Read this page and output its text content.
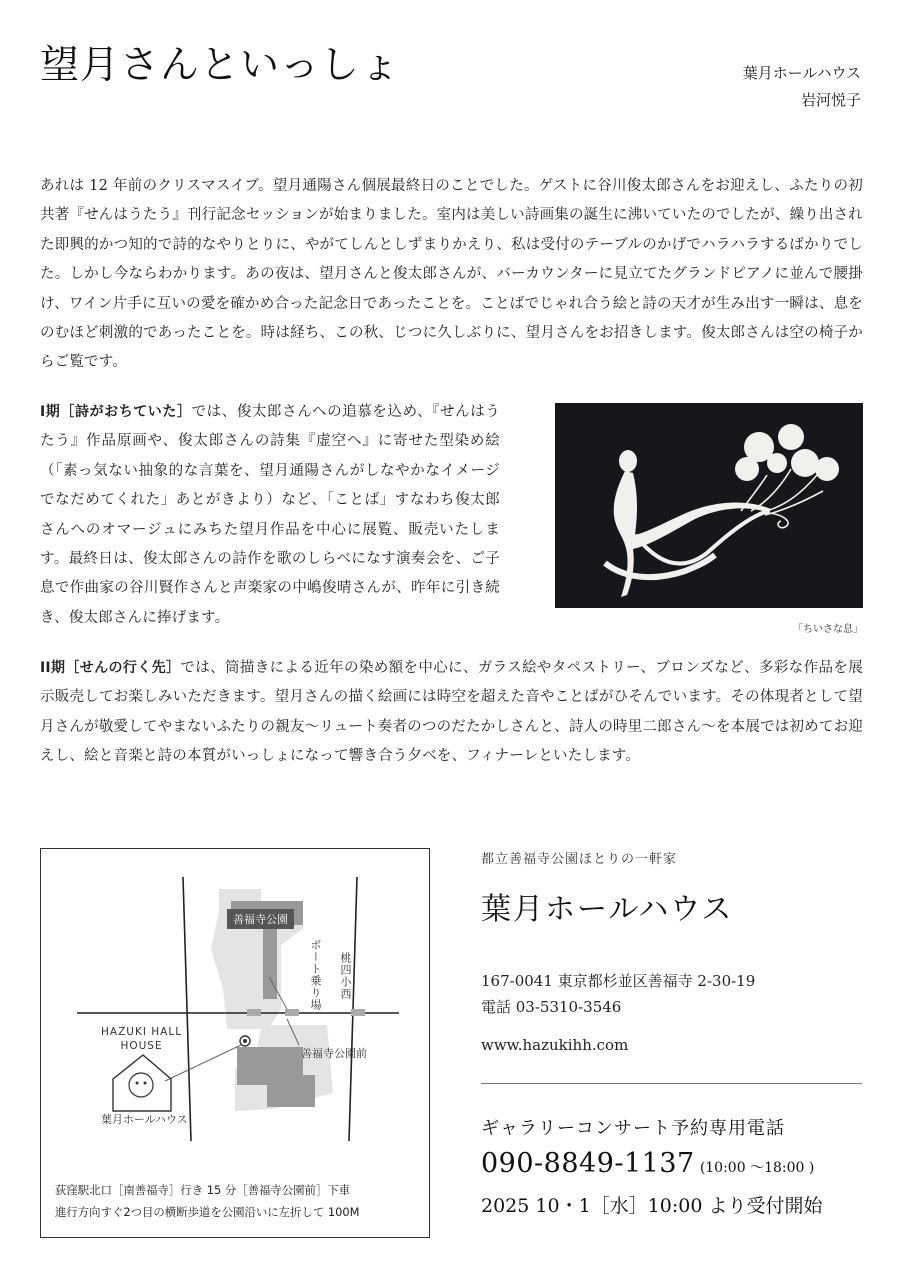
望月さんといっしょ	葉月ホールハウス
岩河悦子
あれは 12 年前のクリスマスイブ。望月通陽さん個展最終日のことでした。ゲストに谷川俊太郎さんをお迎えし、ふたりの初共著『せんはうたう』刊行記念セッションが始まりました。室内は美しい詩画集の誕生に沸いていたのでしたが、繰り出された即興的かつ知的で詩的なやりとりに、やがてしんとしずまりかえり、私は受付のテーブルのかげでハラハラするばかりでした。しかし今ならわかります。あの夜は、望月さんと俊太郎さんが、バーカウンターに見立てたグランドピアノに並んで腰掛け、ワイン片手に互いの愛を確かめ合った記念日であったことを。ことばでじゃれ合う絵と詩の天才が生み出す一瞬は、息をのむほど刺激的であったことを。時は経ち、この秋、じつに久しぶりに、望月さんをお招きします。俊太郎さんは空の椅子からご覧です。
I期［詩がおちていた］では、俊太郎さんへの追慕を込め、『せんはうたう』作品原画や、俊太郎さんの詩集『虚空へ』に寄せた型染め絵（「素っ気ない抽象的な言葉を、望月通陽さんがしなやかなイメージでなだめてくれた」あとがきより）など、「ことば」すなわち俊太郎さんへのオマージュにみちた望月作品を中心に展覧、販売いたします。最終日は、俊太郎さんの詩作を歌のしらべになす演奏会を、ご子息で作曲家の谷川賢作さんと声楽家の中嶋俊晴さんが、昨年に引き続き、俊太郎さんに捧げます。
「ちいさな息」
II期［せんの行く先］では、筒描きによる近年の染め額を中心に、ガラス絵やタペストリー、ブロンズなど、多彩な作品を展示販売してお楽しみいただきます。望月さんの描く絵画には時空を超えた音やことばがひそんでいます。その体現者として望月さんが敬愛してやまないふたりの親友〜リュート奏者のつのだたかしさんと、詩人の時里二郎さん〜を本展では初めてお迎えし、絵と音楽と詩の本質がいっしょになって響き合う夕べを、フィナーレといたします。
善福寺公園
ボート乗り場 桃四小西
善福寺公園前
HAZUKI HALL
HOUSE
葉月ホールハウス
荻窪駅北口［南善福寺］行き 15 分［善福寺公園前］下車
進行方向すぐ2つ目の横断歩道を公園沿いに左折して 100M
都立善福寺公園ほとりの一軒家
葉月ホールハウス
167-0041 東京都杉並区善福寺 2-30-19
電話 03-5310-3546
www.hazukihh.com
ギャラリーコンサート予約専用電話
090-8849-1137 (10:00 〜18:00 )
2025 10・1［水］10:00 より受付開始
